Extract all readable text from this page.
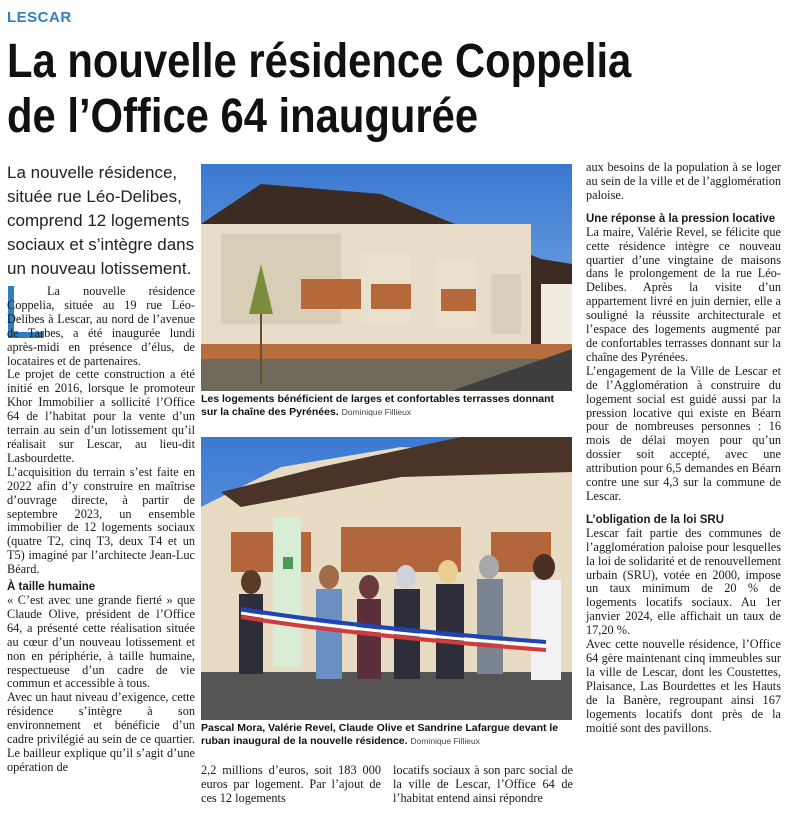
LESCAR
La nouvelle résidence Coppelia
de l’Office 64 inaugurée
La nouvelle résidence, située rue Léo-Delibes, comprend 12 logements sociaux et s’intègre dans un nouveau lotissement.

La nouvelle résidence Coppelia, située au 19 rue Léo-Delibes à Lescar, au nord de l’avenue de Tarbes, a été inaugurée lundi après-midi en présence d’élus, de locataires et de partenaires.

Le projet de cette construction a été initié en 2016, lorsque le promoteur Khor Immobilier a sollicité l’Office 64 de l’habitat pour la vente d’un terrain au sein d’un lotissement qu’il réalisait sur Lescar, au lieu-dit Lasbourdette.

L’acquisition du terrain s’est faite en 2022 afin d’y construire en maîtrise d’ouvrage directe, à partir de septembre 2023, un ensemble immobilier de 12 logements sociaux (quatre T2, cinq T3, deux T4 et un T5) imaginé par l’architecte Jean-Luc Béard.

À taille humaine

« C’est avec une grande fierté » que Claude Olive, président de l’Office 64, a présenté cette réalisation située au cœur d’un nouveau lotissement et non en périphérie, à taille humaine, respectueuse d’un cadre de vie commun et accessible à tous.

Avec un haut niveau d’exigence, cette résidence s’intègre à son environnement et bénéficie d’un cadre privilégié au sein de ce quartier. Le bailleur explique qu’il s’agit d’une opération de

Les logements bénéficient de larges et confortables terrasses donnant sur la chaîne des Pyrénées. Dominique Fillieux
Pascal Mora, Valérie Revel, Claude Olive et Sandrine Lafargue devant le ruban inaugural de la nouvelle résidence. Dominique Fillieux

2,2 millions d’euros, soit 183 000 euros par logement. Par l’ajout de ces 12 logements

locatifs sociaux à son parc social de la ville de Lescar, l’Office 64 de l’habitat entend ainsi répondre

aux besoins de la population à se loger au sein de la ville et de l’agglomération paloise.

Une réponse à la pression locative

La maire, Valérie Revel, se félicite que cette résidence intègre ce nouveau quartier d’une vingtaine de maisons dans le prolongement de la rue Léo-Delibes. Après la visite d’un appartement livré en juin dernier, elle a souligné la réussite architecturale et l’espace des logements augmenté par de confortables terrasses donnant sur la chaîne des Pyrénées.

L’engagement de la Ville de Lescar et de l’Agglomération à construire du logement social est guidé aussi par la pression locative qui existe en Béarn pour de nombreuses personnes : 16 mois de délai moyen pour qu’un dossier soit accepté, avec une attribution pour 6,5 demandes en Béarn contre une sur 4,3 sur la commune de Lescar.

L’obligation de la loi SRU

Lescar fait partie des communes de l’agglomération paloise pour lesquelles la loi de solidarité et de renouvellement urbain (SRU), votée en 2000, impose un taux minimum de 20 % de logements locatifs sociaux. Au 1er janvier 2024, elle affichait un taux de 17,20 %.

Avec cette nouvelle résidence, l’Office 64 gère maintenant cinq immeubles sur la ville de Lescar, dont les Coustettes, Plaisance, Las Bourdettes et les Hauts de la Banère, regroupant ainsi 167 logements locatifs dont près de la moitié sont des pavillons.
